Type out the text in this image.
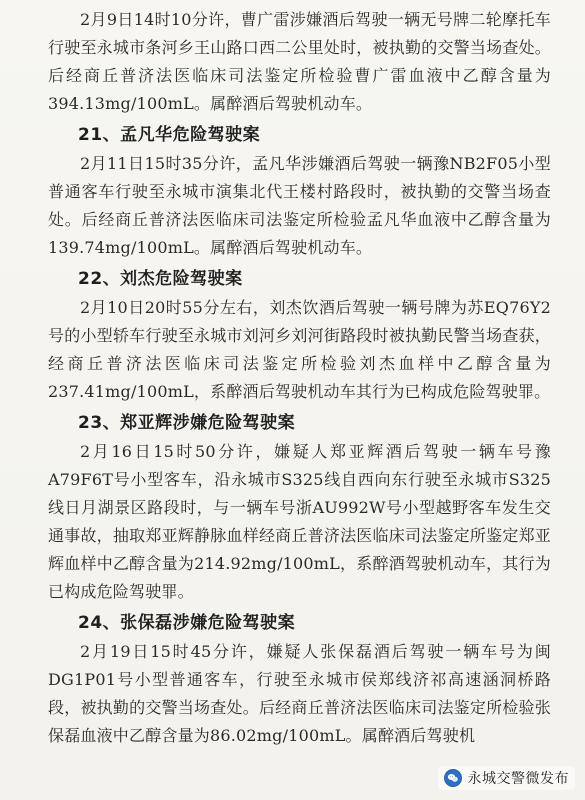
2月9日14时10分许，曹广雷涉嫌酒后驾驶一辆无号牌二轮摩托车行驶至永城市条河乡王山路口西二公里处时，被执勤的交警当场查处。后经商丘普济法医临床司法鉴定所检验曹广雷血液中乙醇含量为394.13mg/100mL。属醉酒后驾驶机动车。

21、孟凡华危险驾驶案

2月11日15时35分许，孟凡华涉嫌酒后驾驶一辆豫NB2F05小型普通客车行驶至永城市演集北代王楼村路段时，被执勤的交警当场查处。后经商丘普济法医临床司法鉴定所检验孟凡华血液中乙醇含量为139.74mg/100mL。属醉酒后驾驶机动车。

22、刘杰危险驾驶案

2月10日20时55分左右，刘杰饮酒后驾驶一辆号牌为苏EQ76Y2号的小型轿车行驶至永城市刘河乡刘河街路段时被执勤民警当场查获，经商丘普济法医临床司法鉴定所检验刘杰血样中乙醇含量为237.41mg/100mL，系醉酒后驾驶机动车其行为已构成危险驾驶罪。

23、郑亚辉涉嫌危险驾驶案

2月16日15时50分许，嫌疑人郑亚辉酒后驾驶一辆车号豫A79F6T号小型客车，沿永城市S325线自西向东行驶至永城市S325线日月湖景区路段时，与一辆车号浙AU992W号小型越野客车发生交通事故，抽取郑亚辉静脉血样经商丘普济法医临床司法鉴定所鉴定郑亚辉血样中乙醇含量为214.92mg/100mL，系醉酒驾驶机动车，其行为已构成危险驾驶罪。

24、张保磊涉嫌危险驾驶案

2月19日15时45分许，嫌疑人张保磊酒后驾驶一辆车号为闽DG1P01号小型普通客车，行驶至永城市侯郑线济祁高速涵洞桥路段，被执勤的交警当场查处。后经商丘普济法医临床司法鉴定所检验张保磊血液中乙醇含量为86.02mg/100mL。属醉酒后驾驶机

永城交警微发布
